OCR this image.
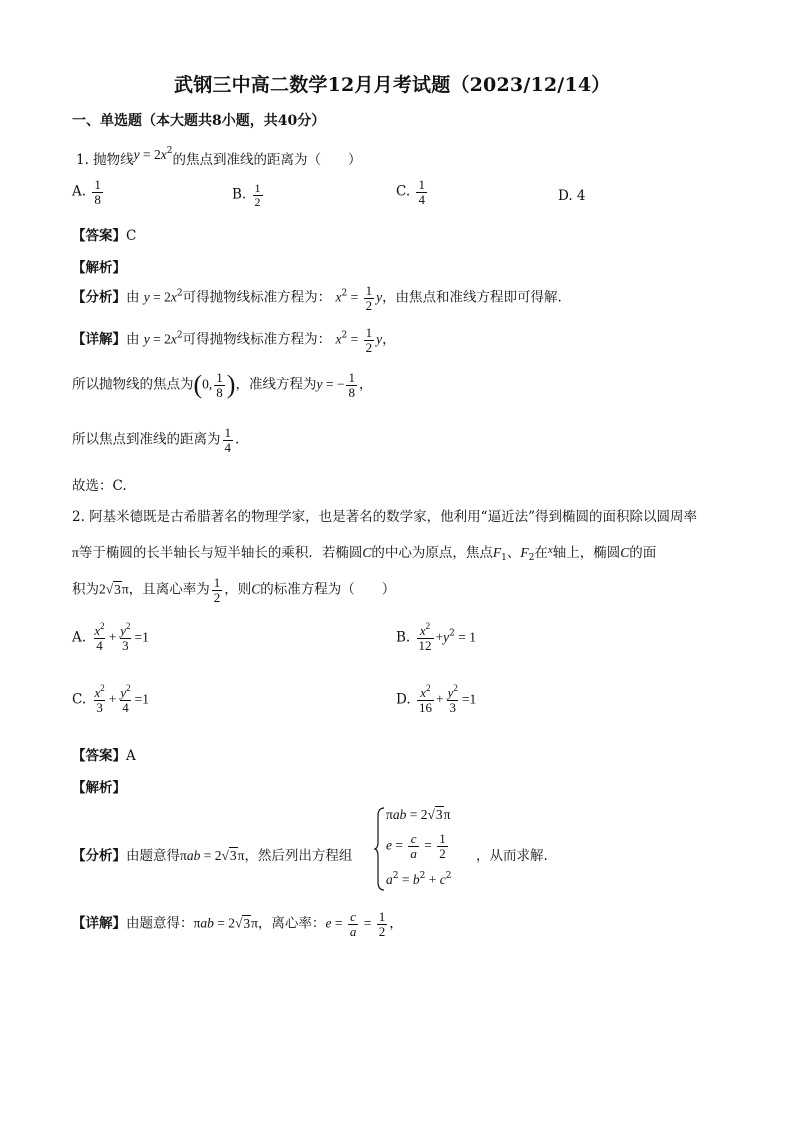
武钢三中高二数学12月月考试题（2023/12/14）
一、单选题（本大题共8小题，共40分）
1. 抛物线$y = 2x^2$的焦点到准线的距离为（　　）
A. $\frac{1}{8}$	B. $\frac{1}{2}$	C. $\frac{1}{4}$	D. 4
【答案】C
【解析】
【分析】由 $y = 2x^2$可得抛物线标准方程为： $x^2 = \frac{1}{2}$ y，由焦点和准线方程即可得解.
【详解】由 $y = 2x^2$可得抛物线标准方程为： $x^2 = \frac{1}{2}$ y，
所以抛物线的焦点为(0, $\frac{1}{8}$ )，准线方程为y = − $\frac{1}{8}$ ，
所以焦点到准线的距离为 $\frac{1}{4}$ .
故选：C.
2. 阿基米德既是古希腊著名的物理学家，也是著名的数学家，他利用“逼近法”得到椭圆的面积除以圆周率
π等于椭圆的长半轴长与短半轴长的乘积．若椭圆C的中心为原点，焦点$F_1$、$F_2$在$^x$轴上，椭圆C的面
积为2√3π，且离心率为 $\frac{1}{2}$ ，则C的标准方程为（　　）
A. $\frac{x^2}{4} + \frac{y^2}{3} =1$	B. $\frac{x^2}{12} +y^2 = 1$
C. $\frac{x^2}{3} + \frac{y^2}{4} =1$	D. $\frac{x^2}{16} + \frac{y^2}{3} =1$
【答案】A
【解析】
【分析】由题意得πab = 2√3π，然后列出方程组
πab = 2√3π
$e = \frac{c}{a} = \frac{1}{2}$
$a^2 = b^2 + c^2$
，从而求解.
【详解】由题意得：πab = 2√3π，离心率：$e = \frac{c}{a} = \frac{1}{2}$ ，
